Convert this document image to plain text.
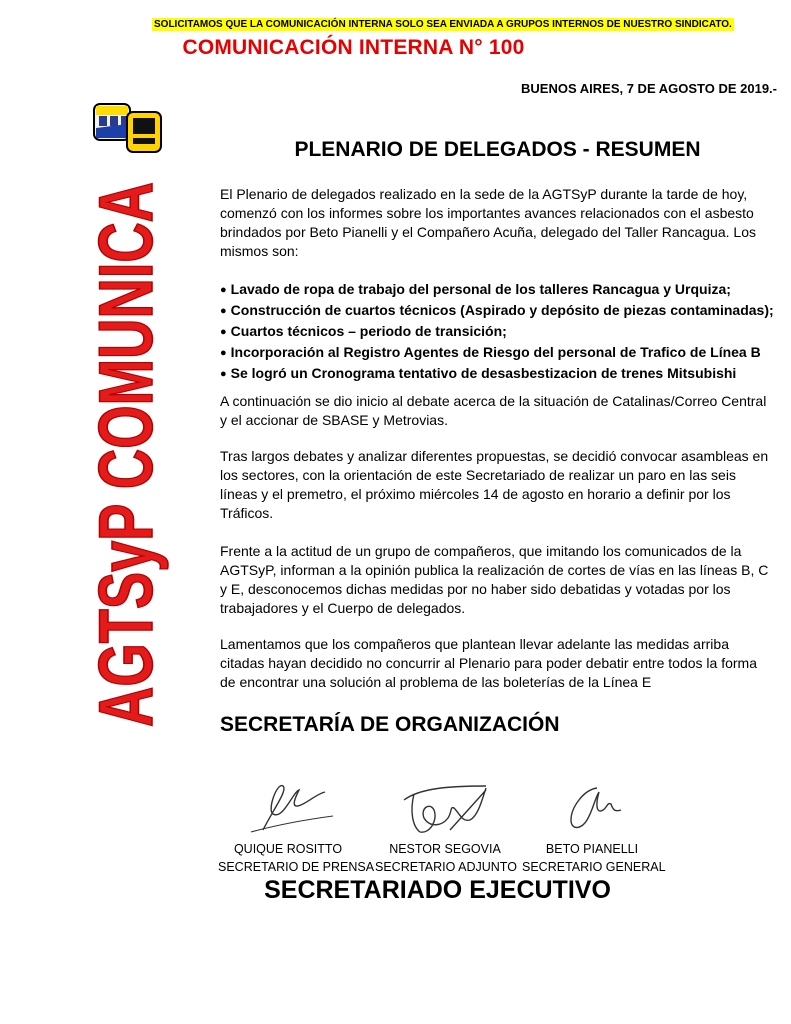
SOLICITAMOS QUE LA COMUNICACIÓN INTERNA SOLO SEA ENVIADA A GRUPOS INTERNOS DE NUESTRO SINDICATO.
COMUNICACIÓN INTERNA N° 100
BUENOS AIRES, 7 DE AGOSTO DE 2019.-
AGTSyP COMUNICA
PLENARIO DE DELEGADOS - RESUMEN

El Plenario de delegados realizado en la sede de la AGTSyP durante la tarde de hoy, comenzó con los informes sobre los importantes avances relacionados con el asbesto brindados por Beto Pianelli y el Compañero Acuña, delegado del Taller Rancagua. Los mismos son:

● Lavado de ropa de trabajo del personal de los talleres Rancagua y Urquiza;
● Construcción de cuartos técnicos (Aspirado y depósito de piezas contaminadas);
● Cuartos técnicos – periodo de transición;
● Incorporación al Registro Agentes de Riesgo del personal de Trafico de Línea B
● Se logró un Cronograma tentativo de desasbestizacion de trenes Mitsubishi

A continuación se dio inicio al debate acerca de la situación de Catalinas/Correo Central y el accionar de SBASE y Metrovias.

Tras largos debates y analizar diferentes propuestas, se decidió convocar asambleas en los sectores, con la orientación de este Secretariado de realizar un paro en las seis líneas y el premetro, el próximo miércoles 14 de agosto en horario a definir por los Tráficos.

Frente a la actitud de un grupo de compañeros, que imitando los comunicados de la AGTSyP, informan a la opinión publica la realización de cortes de vías en las líneas B, C y E, desconocemos dichas medidas por no haber sido debatidas y votadas por los trabajadores y el Cuerpo de delegados.

Lamentamos que los compañeros que plantean llevar adelante las medidas arriba citadas hayan decidido no concurrir al Plenario para poder debatir entre todos la forma de encontrar una solución al problema de las boleterías de la Línea E

SECRETARÍA DE ORGANIZACIÓN
QUIQUE ROSITTO
SECRETARIO DE PRENSA
NESTOR SEGOVIA
SECRETARIO ADJUNTO
BETO PIANELLI
SECRETARIO GENERAL
SECRETARIADO EJECUTIVO
